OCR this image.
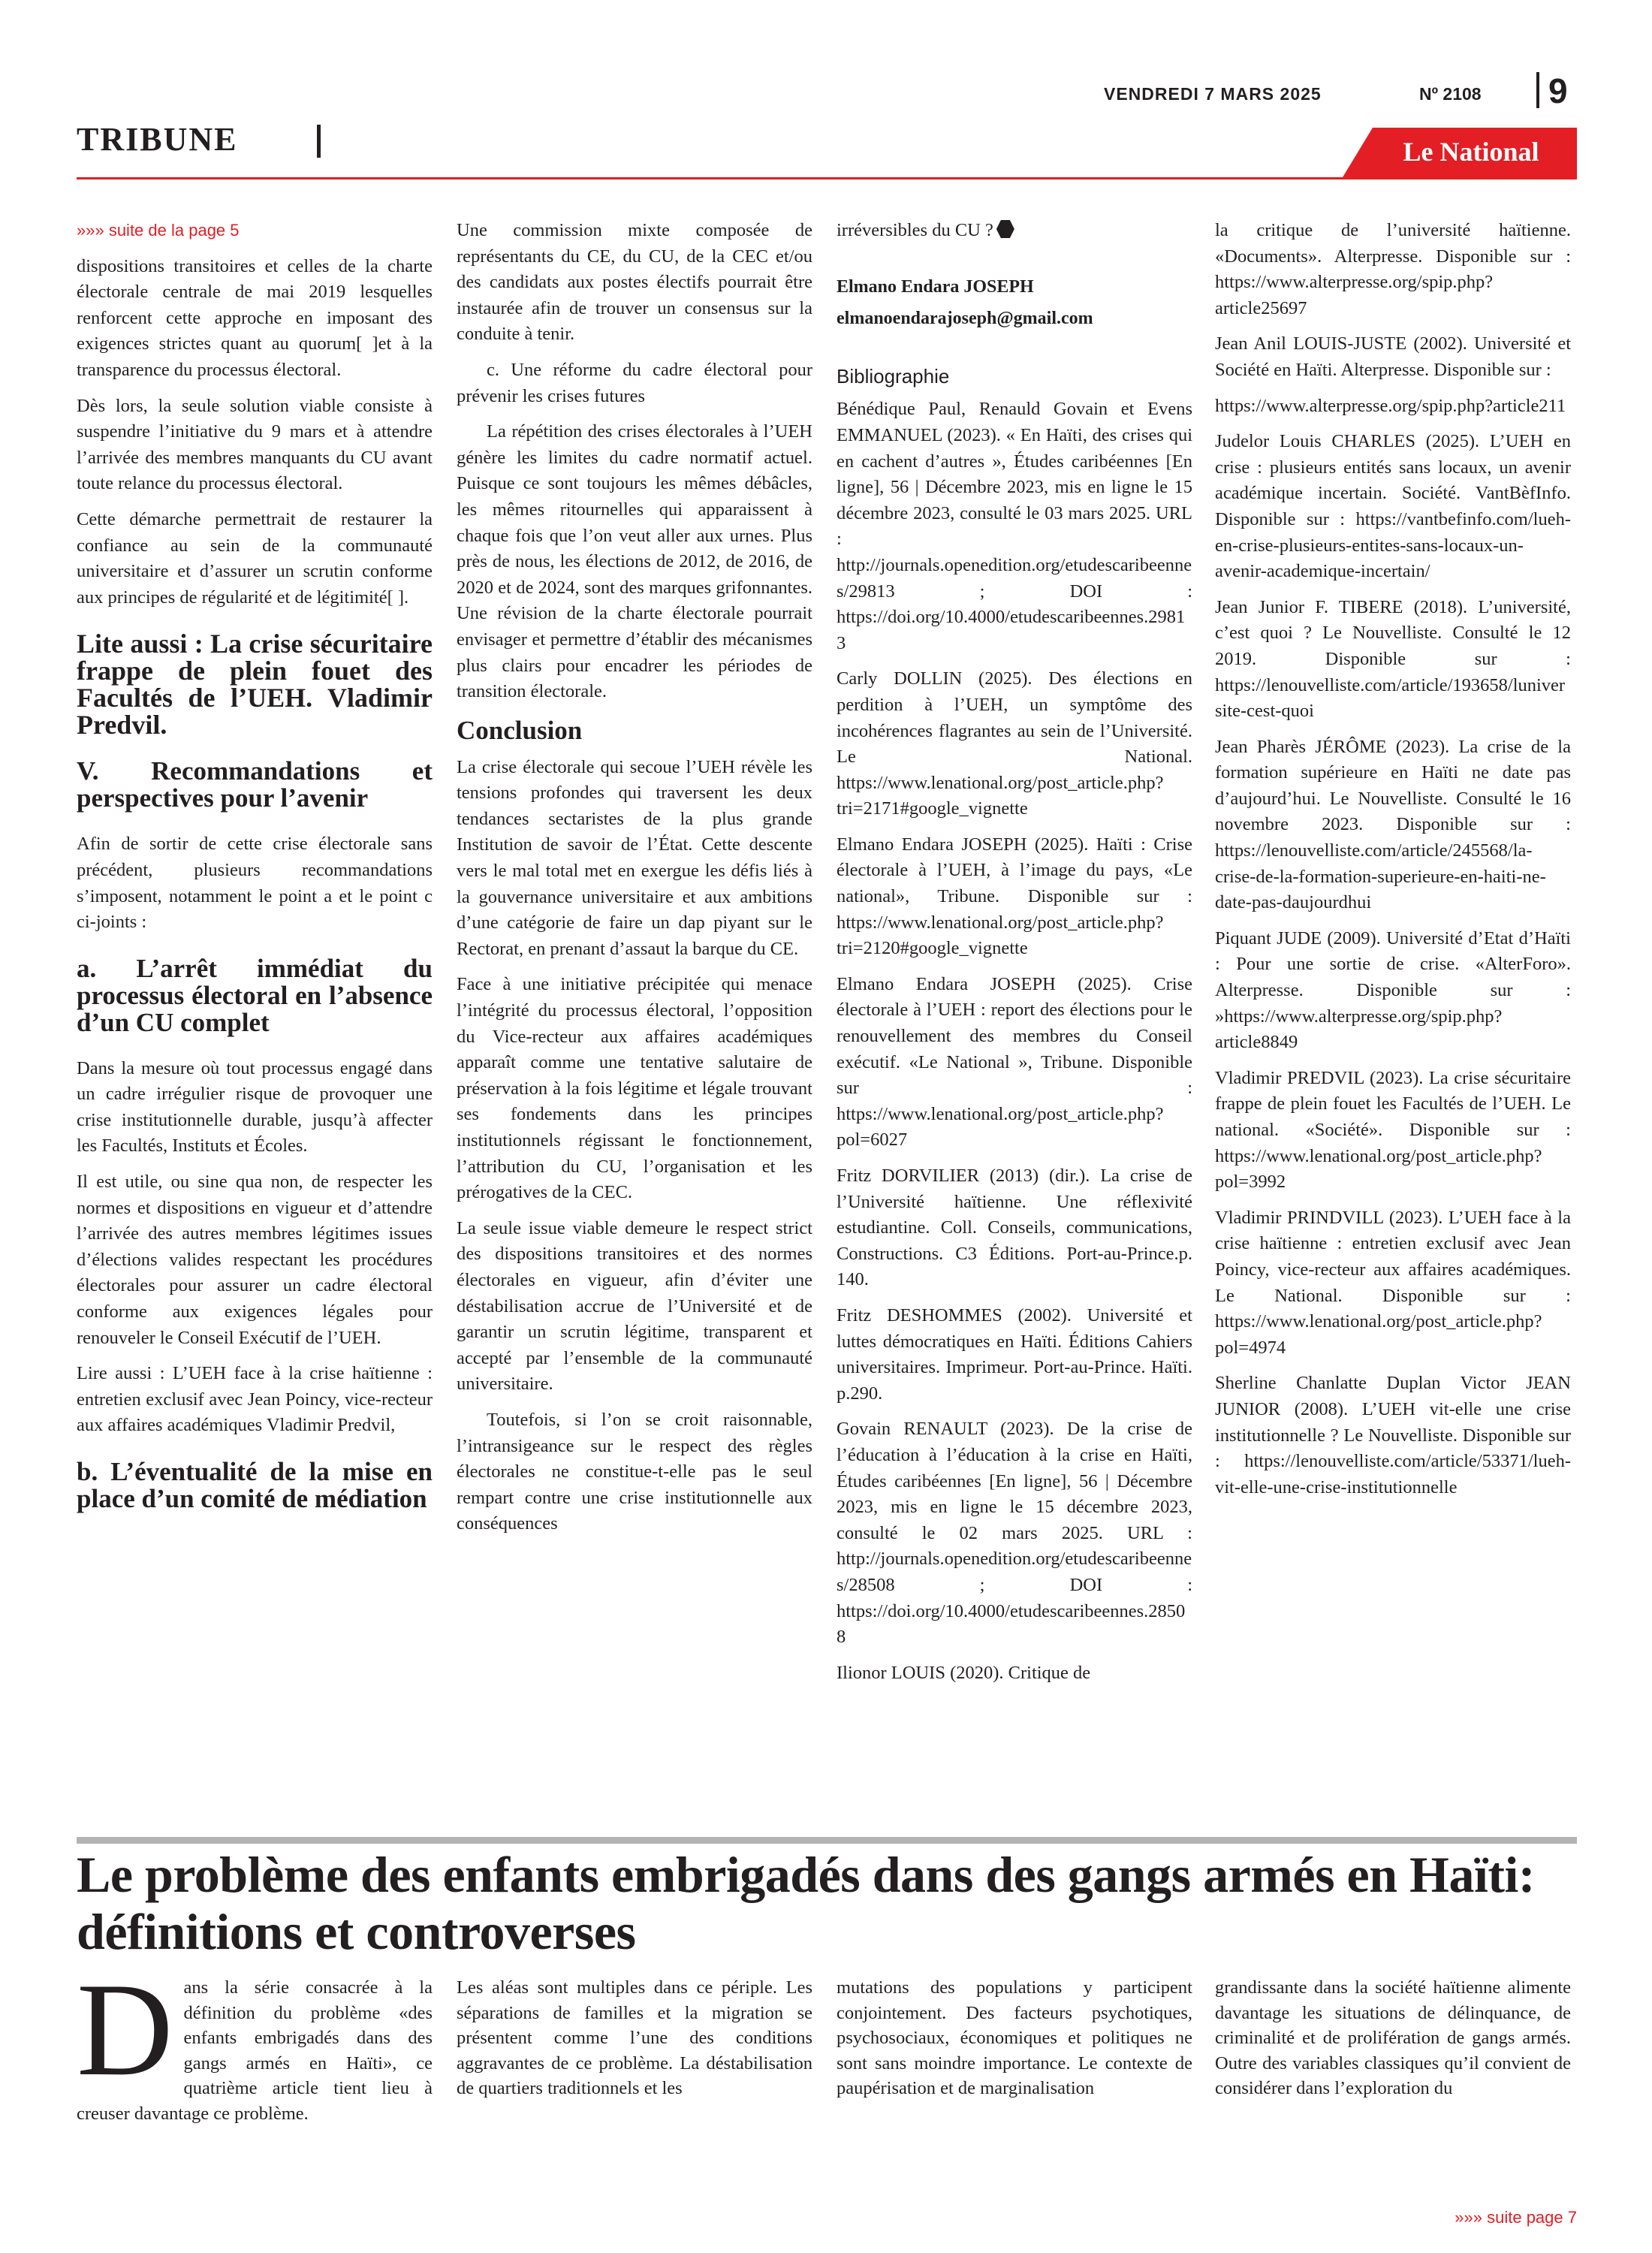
VENDREDI 7 MARS 2025	Nº 2108 9
TRIBUNE	Le National

»»» suite de la page 5

dispositions transitoires et celles de la charte électorale centrale de mai 2019 lesquelles renforcent cette approche en imposant des exigences strictes quant au quorum[ ]et à la transparence du processus électoral.

Dès lors, la seule solution viable consiste à suspendre l’initiative du 9 mars et à attendre l’arrivée des membres manquants du CU avant toute relance du processus électoral.

Cette démarche permettrait de restaurer la confiance au sein de la communauté universitaire et d’assurer un scrutin conforme aux principes de régularité et de légitimité[ ].

Lite aussi : La crise sécuritaire frappe de plein fouet des Facultés de l’UEH. Vladimir Predvil.
V. Recommandations et perspectives pour l’avenir

Afin de sortir de cette crise électorale sans précédent, plusieurs recommandations s’imposent, notamment le point a et le point c ci-joints :

a. L’arrêt immédiat du processus électoral en l’absence d’un CU complet

Dans la mesure où tout processus engagé dans un cadre irrégulier risque de provoquer une crise institutionnelle durable, jusqu’à affecter les Facultés, Instituts et Écoles.

Il est utile, ou sine qua non, de respecter les normes et dispositions en vigueur et d’attendre l’arrivée des autres membres légitimes issues d’élections valides respectant les procédures électorales pour assurer un cadre électoral conforme aux exigences légales pour renouveler le Conseil Exécutif de l’UEH.

Lire aussi : L’UEH face à la crise haïtienne : entretien exclusif avec Jean Poincy, vice-recteur aux affaires académiques Vladimir Predvil,

b. L’éventualité de la mise en place d’un comité de médiation

Une commission mixte composée de représentants du CE, du CU, de la CEC et/ou des candidats aux postes électifs pourrait être instaurée afin de trouver un consensus sur la conduite à tenir.

c. Une réforme du cadre électoral pour prévenir les crises futures

La répétition des crises électorales à l’UEH génère les limites du cadre normatif actuel. Puisque ce sont toujours les mêmes débâcles, les mêmes ritournelles qui apparaissent à chaque fois que l’on veut aller aux urnes. Plus près de nous, les élections de 2012, de 2016, de 2020 et de 2024, sont des marques grifonnantes. Une révision de la charte électorale pourrait envisager et permettre d’établir des mécanismes plus clairs pour encadrer les périodes de transition électorale.

Conclusion

La crise électorale qui secoue l’UEH révèle les tensions profondes qui traversent les deux tendances sectaristes de la plus grande Institution de savoir de l’État. Cette descente vers le mal total met en exergue les défis liés à la gouvernance universitaire et aux ambitions d’une catégorie de faire un dap piyant sur le Rectorat, en prenant d’assaut la barque du CE.

Face à une initiative précipitée qui menace l’intégrité du processus électoral, l’opposition du Vice-recteur aux affaires académiques apparaît comme une tentative salutaire de préservation à la fois légitime et légale trouvant ses fondements dans les principes institutionnels régissant le fonctionnement, l’attribution du CU, l’organisation et les prérogatives de la CEC.

La seule issue viable demeure le respect strict des dispositions transitoires et des normes électorales en vigueur, afin d’éviter une déstabilisation accrue de l’Université et de garantir un scrutin légitime, transparent et accepté par l’ensemble de la communauté universitaire.

Toutefois, si l’on se croit raisonnable, l’intransigeance sur le respect des règles électorales ne constitue-t-elle pas le seul rempart contre une crise institutionnelle aux conséquences

irréversibles du CU ?

Elmano Endara JOSEPH

elmanoendarajoseph@gmail.com

Bibliographie

Bénédique Paul, Renauld Govain et Evens EMMANUEL (2023). « En Haïti, des crises qui en cachent d’autres », Études caribéennes [En ligne], 56 | Décembre 2023, mis en ligne le 15 décembre 2023, consulté le 03 mars 2025. URL : http://journals.openedition.org/etudescaribeennes/29813 ; DOI : https://doi.org/10.4000/etudescaribeennes.29813

Carly DOLLIN (2025). Des élections en perdition à l’UEH, un symptôme des incohérences flagrantes au sein de l’Université. Le National. https://www.lenational.org/post_article.php?tri=2171#google_vignette

Elmano Endara JOSEPH (2025). Haïti : Crise électorale à l’UEH, à l’image du pays, «Le national», Tribune. Disponible sur : https://www.lenational.org/post_article.php?tri=2120#google_vignette

Elmano Endara JOSEPH (2025). Crise électorale à l’UEH : report des élections pour le renouvellement des membres du Conseil exécutif. «Le National », Tribune. Disponible sur : https://www.lenational.org/post_article.php?pol=6027

Fritz DORVILIER (2013) (dir.). La crise de l’Université haïtienne. Une réflexivité estudiantine. Coll. Conseils, communications, Constructions. C3 Éditions. Port-au-Prince.p. 140.

Fritz DESHOMMES (2002). Université et luttes démocratiques en Haïti. Éditions Cahiers universitaires. Imprimeur. Port-au-Prince. Haïti. p.290.

Govain RENAULT (2023). De la crise de l’éducation à l’éducation à la crise en Haïti, Études caribéennes [En ligne], 56 | Décembre 2023, mis en ligne le 15 décembre 2023, consulté le 02 mars 2025. URL : http://journals.openedition.org/etudescaribeennes/28508 ; DOI : https://doi.org/10.4000/etudescaribeennes.28508

Ilionor LOUIS (2020). Critique de

la critique de l’université haïtienne. «Documents». Alterpresse. Disponible sur : https://www.alterpresse.org/spip.php?article25697

Jean Anil LOUIS-JUSTE (2002). Université et Société en Haïti. Alterpresse. Disponible sur :

https://www.alterpresse.org/spip.php?article211

Judelor Louis CHARLES (2025). L’UEH en crise : plusieurs entités sans locaux, un avenir académique incertain. Société. VantBèfInfo. Disponible sur : https://vantbefinfo.com/lueh-en-crise-plusieurs-entites-sans-locaux-un-avenir-academique-incertain/

Jean Junior F. TIBERE (2018). L’université, c’est quoi ? Le Nouvelliste. Consulté le 12 2019. Disponible sur : https://lenouvelliste.com/article/193658/luniversite-cest-quoi

Jean Pharès JÉRÔME (2023). La crise de la formation supérieure en Haïti ne date pas d’aujourd’hui. Le Nouvelliste. Consulté le 16 novembre 2023. Disponible sur : https://lenouvelliste.com/article/245568/la-crise-de-la-formation-superieure-en-haiti-ne-date-pas-daujourdhui

Piquant JUDE (2009). Université d’Etat d’Haïti : Pour une sortie de crise. «AlterForo». Alterpresse. Disponible sur : »https://www.alterpresse.org/spip.php?article8849

Vladimir PREDVIL (2023). La crise sécuritaire frappe de plein fouet les Facultés de l’UEH. Le national. «Société». Disponible sur : https://www.lenational.org/post_article.php?pol=3992

Vladimir PRINDVILL (2023). L’UEH face à la crise haïtienne : entretien exclusif avec Jean Poincy, vice-recteur aux affaires académiques. Le National. Disponible sur : https://www.lenational.org/post_article.php?pol=4974

Sherline Chanlatte Duplan Victor JEAN JUNIOR (2008). L’UEH vit-elle une crise institutionnelle ? Le Nouvelliste. Disponible sur : https://lenouvelliste.com/article/53371/lueh-vit-elle-une-crise-institutionnelle

Le problème des enfants embrigadés dans des gangs armés en Haïti: définitions et controverses
D ans la série consacrée à la définition du problème «des enfants embrigadés dans des gangs armés en Haïti», ce quatrième article tient lieu à creuser davantage ce problème.

Les aléas sont multiples dans ce périple. Les séparations de familles et la migration se présentent comme l’une des conditions aggravantes de ce problème. La déstabilisation de quartiers traditionnels et les

mutations des populations y participent conjointement. Des facteurs psychotiques, psychosociaux, économiques et politiques ne sont sans moindre importance. Le contexte de paupérisation et de marginalisation

grandissante dans la société haïtienne alimente davantage les situations de délinquance, de criminalité et de prolifération de gangs armés. Outre des variables classiques qu’il convient de considérer dans l’exploration du

»»» suite page 7
